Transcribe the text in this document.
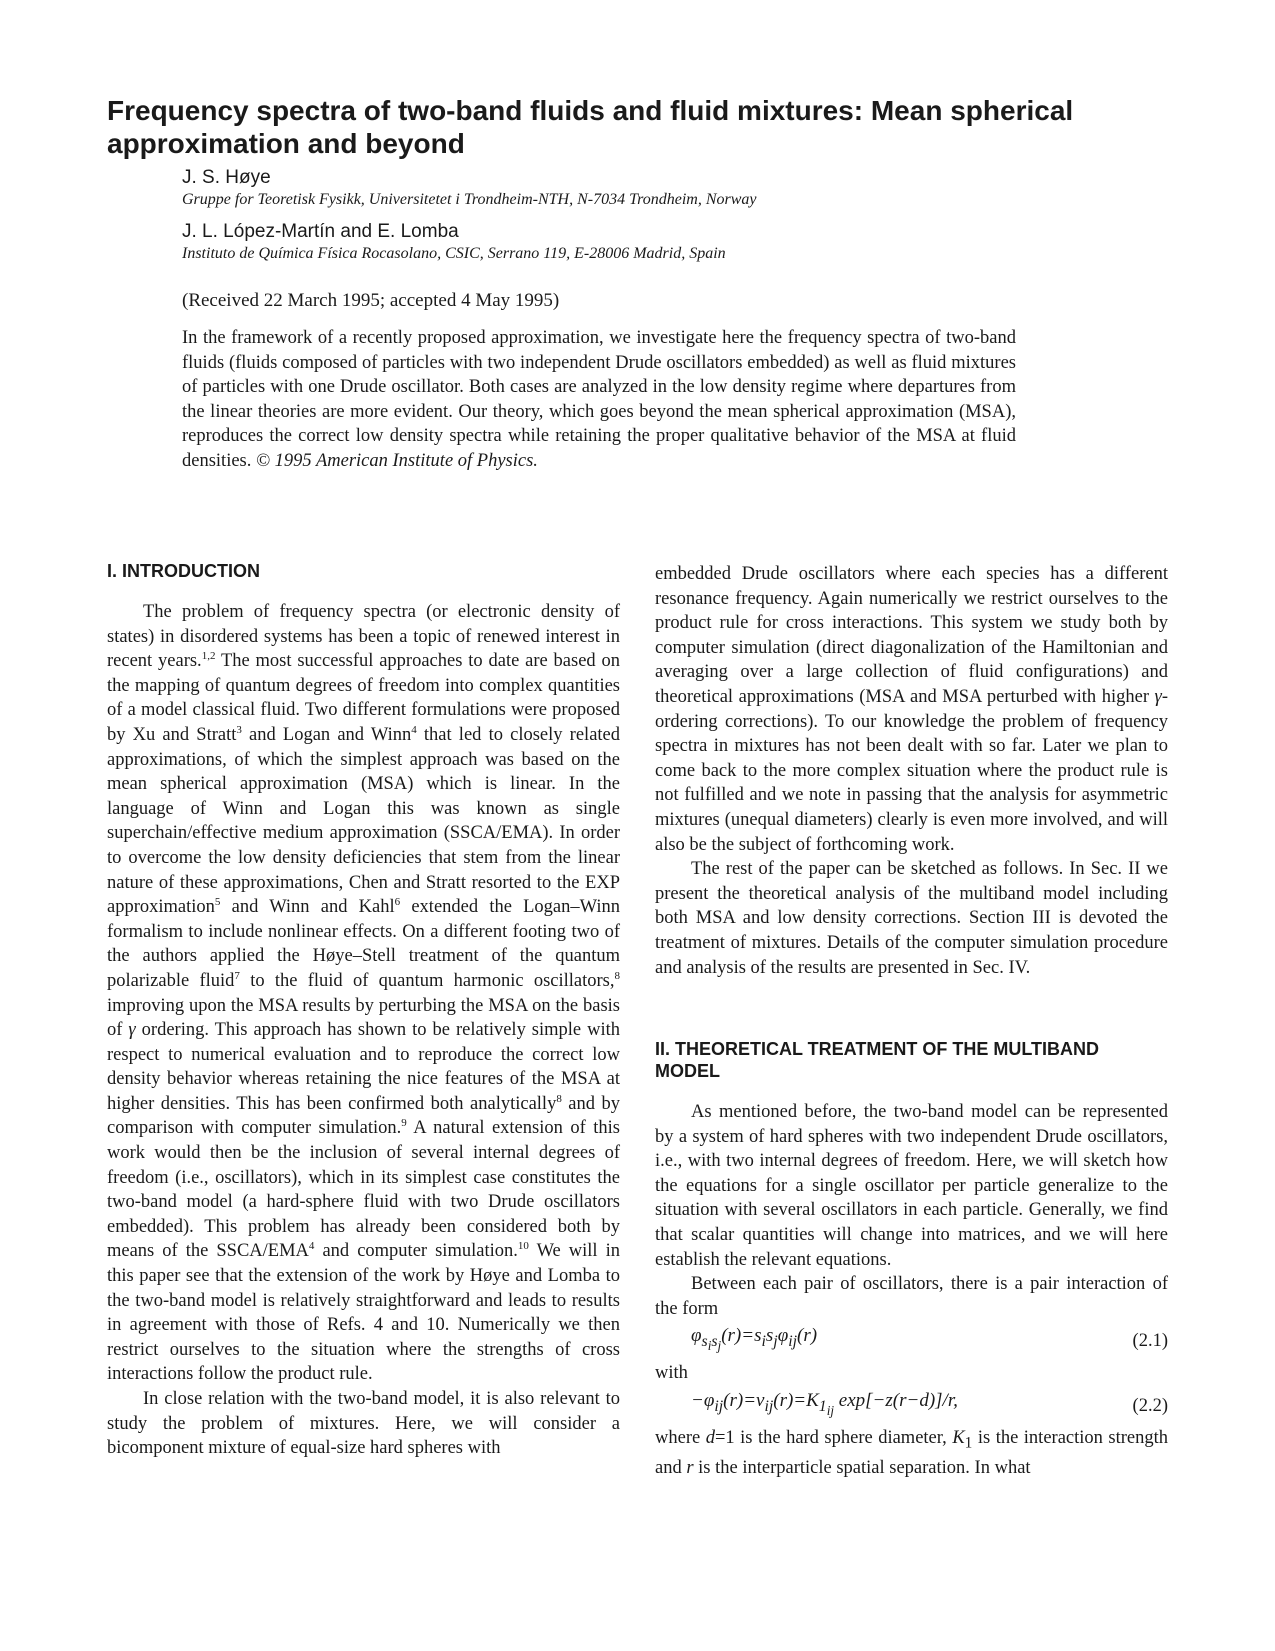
Frequency spectra of two-band fluids and fluid mixtures: Mean spherical approximation and beyond

J. S. Høye

Gruppe for Teoretisk Fysikk, Universitetet i Trondheim-NTH, N-7034 Trondheim, Norway

J. L. López-Martín and E. Lomba

Instituto de Química Física Rocasolano, CSIC, Serrano 119, E-28006 Madrid, Spain

(Received 22 March 1995; accepted 4 May 1995)

In the framework of a recently proposed approximation, we investigate here the frequency spectra of two-band fluids (fluids composed of particles with two independent Drude oscillators embedded) as well as fluid mixtures of particles with one Drude oscillator. Both cases are analyzed in the low density regime where departures from the linear theories are more evident. Our theory, which goes beyond the mean spherical approximation (MSA), reproduces the correct low density spectra while retaining the proper qualitative behavior of the MSA at fluid densities. © 1995 American Institute of Physics.

I. INTRODUCTION

The problem of frequency spectra (or electronic density of states) in disordered systems has been a topic of renewed interest in recent years.$^{1,2}$ The most successful approaches to date are based on the mapping of quantum degrees of freedom into complex quantities of a model classical fluid. Two different formulations were proposed by Xu and Stratt$^3$ and Logan and Winn$^4$ that led to closely related approximations, of which the simplest approach was based on the mean spherical approximation (MSA) which is linear. In the language of Winn and Logan this was known as single superchain/effective medium approximation (SSCA/EMA). In order to overcome the low density deficiencies that stem from the linear nature of these approximations, Chen and Stratt resorted to the EXP approximation$^5$ and Winn and Kahl$^6$ extended the Logan–Winn formalism to include nonlinear effects. On a different footing two of the authors applied the Høye–Stell treatment of the quantum polarizable fluid$^7$ to the fluid of quantum harmonic oscillators,$^8$ improving upon the MSA results by perturbing the MSA on the basis of γ ordering. This approach has shown to be relatively simple with respect to numerical evaluation and to reproduce the correct low density behavior whereas retaining the nice features of the MSA at higher densities. This has been confirmed both analytically$^8$ and by comparison with computer simulation.$^9$ A natural extension of this work would then be the inclusion of several internal degrees of freedom (i.e., oscillators), which in its simplest case constitutes the two-band model (a hard-sphere fluid with two Drude oscillators embedded). This problem has already been considered both by means of the SSCA/EMA$^4$ and computer simulation.$^{10}$ We will in this paper see that the extension of the work by Høye and Lomba to the two-band model is relatively straightforward and leads to results in agreement with those of Refs. 4 and 10. Numerically we then restrict ourselves to the situation where the strengths of cross interactions follow the product rule.

In close relation with the two-band model, it is also relevant to study the problem of mixtures. Here, we will consider a bicomponent mixture of equal-size hard spheres with

embedded Drude oscillators where each species has a different resonance frequency. Again numerically we restrict ourselves to the product rule for cross interactions. This system we study both by computer simulation (direct diagonalization of the Hamiltonian and averaging over a large collection of fluid configurations) and theoretical approximations (MSA and MSA perturbed with higher γ-ordering corrections). To our knowledge the problem of frequency spectra in mixtures has not been dealt with so far. Later we plan to come back to the more complex situation where the product rule is not fulfilled and we note in passing that the analysis for asymmetric mixtures (unequal diameters) clearly is even more involved, and will also be the subject of forthcoming work.

The rest of the paper can be sketched as follows. In Sec. II we present the theoretical analysis of the multiband model including both MSA and low density corrections. Section III is devoted the treatment of mixtures. Details of the computer simulation procedure and analysis of the results are presented in Sec. IV.

II. THEORETICAL TREATMENT OF THE MULTIBAND MODEL

As mentioned before, the two-band model can be represented by a system of hard spheres with two independent Drude oscillators, i.e., with two internal degrees of freedom. Here, we will sketch how the equations for a single oscillator per particle generalize to the situation with several oscillators in each particle. Generally, we find that scalar quantities will change into matrices, and we will here establish the relevant equations.

Between each pair of oscillators, there is a pair interaction of the form

$\varphi_{s_is_j}(r)=s_is_j\varphi_{ij}(r)$	(2.1)

with

$-\varphi_{ij}(r)=v_{ij}(r)=K_{1_{ij}}$ exp[−z(r−d)]/r,	(2.2)

where d=1 is the hard sphere diameter, $K_1$ is the interaction strength and r is the interparticle spatial separation. In what
